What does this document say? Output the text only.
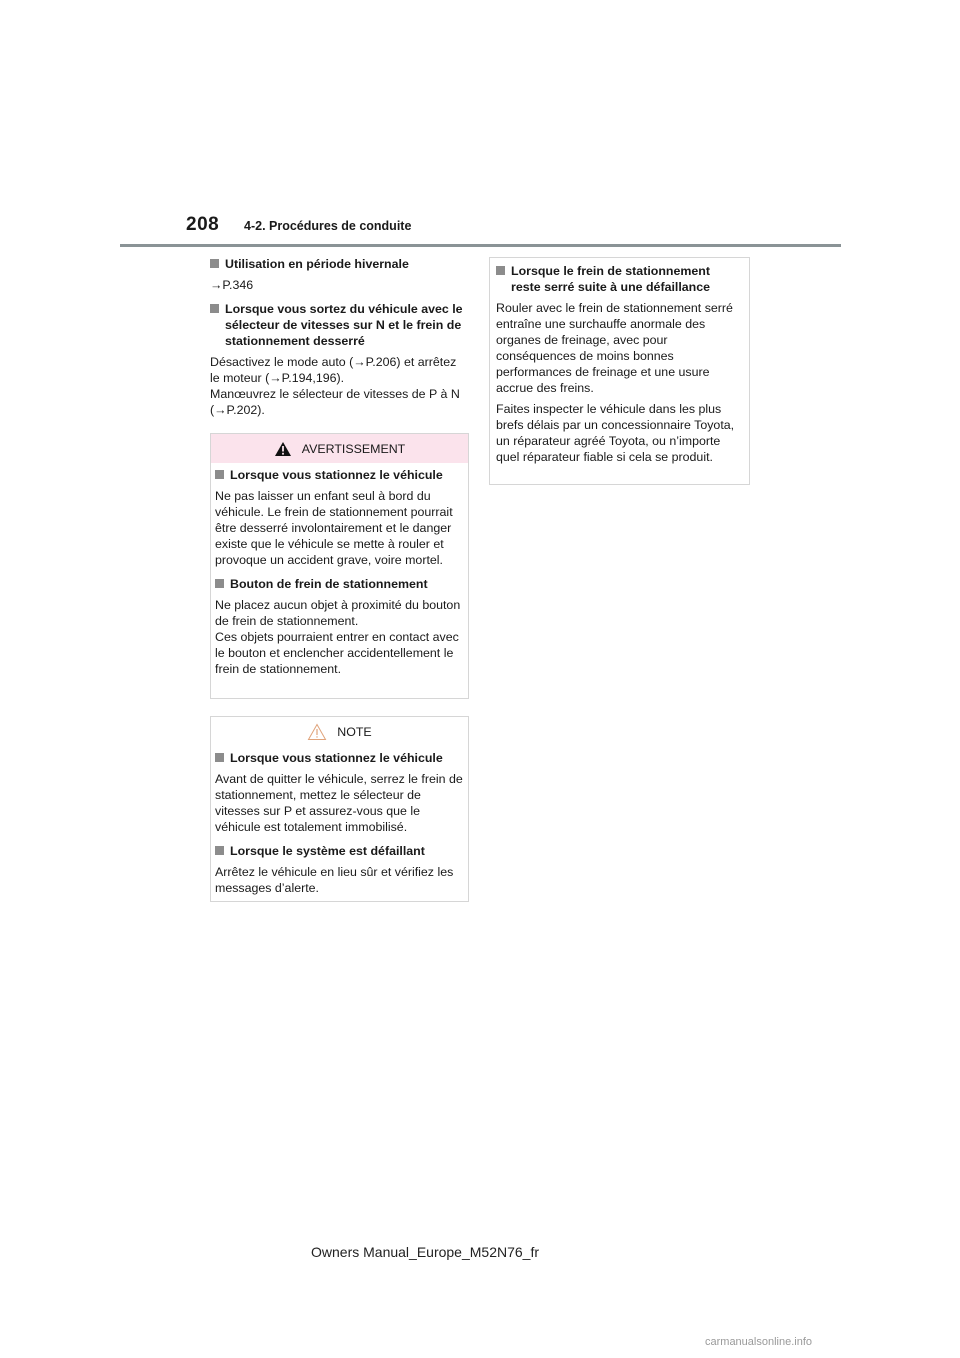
208 4-2. Procédures de conduite
Utilisation en période hivernale

→P.346

Lorsque vous sortez du véhicule avec le sélecteur de vitesses sur N et le frein de stationnement desserré

Désactivez le mode auto (→P.206) et arrêtez le moteur (→P.194,196).

Manœuvrez le sélecteur de vitesses de P à N (→P.202).

AVERTISSEMENT
Lorsque vous stationnez le véhicule

Ne pas laisser un enfant seul à bord du véhicule. Le frein de stationnement pourrait être desserré involontairement et le danger existe que le véhicule se mette à rouler et provoque un accident grave, voire mortel.

Bouton de frein de stationnement

Ne placez aucun objet à proximité du bouton de frein de stationnement.

Ces objets pourraient entrer en contact avec le bouton et enclencher accidentellement le frein de stationnement.

NOTE
Lorsque vous stationnez le véhicule

Avant de quitter le véhicule, serrez le frein de stationnement, mettez le sélecteur de vitesses sur P et assurez-vous que le véhicule est totalement immobilisé.

Lorsque le système est défaillant

Arrêtez le véhicule en lieu sûr et vérifiez les messages d’alerte.

Lorsque le frein de stationnement reste serré suite à une défaillance

Rouler avec le frein de stationnement serré entraîne une surchauffe anormale des organes de freinage, avec pour conséquences de moins bonnes performances de freinage et une usure accrue des freins.

Faites inspecter le véhicule dans les plus brefs délais par un concessionnaire Toyota, un réparateur agréé Toyota, ou n’importe quel réparateur fiable si cela se produit.

Owners Manual_Europe_M52N76_fr
carmanualsonline.info
